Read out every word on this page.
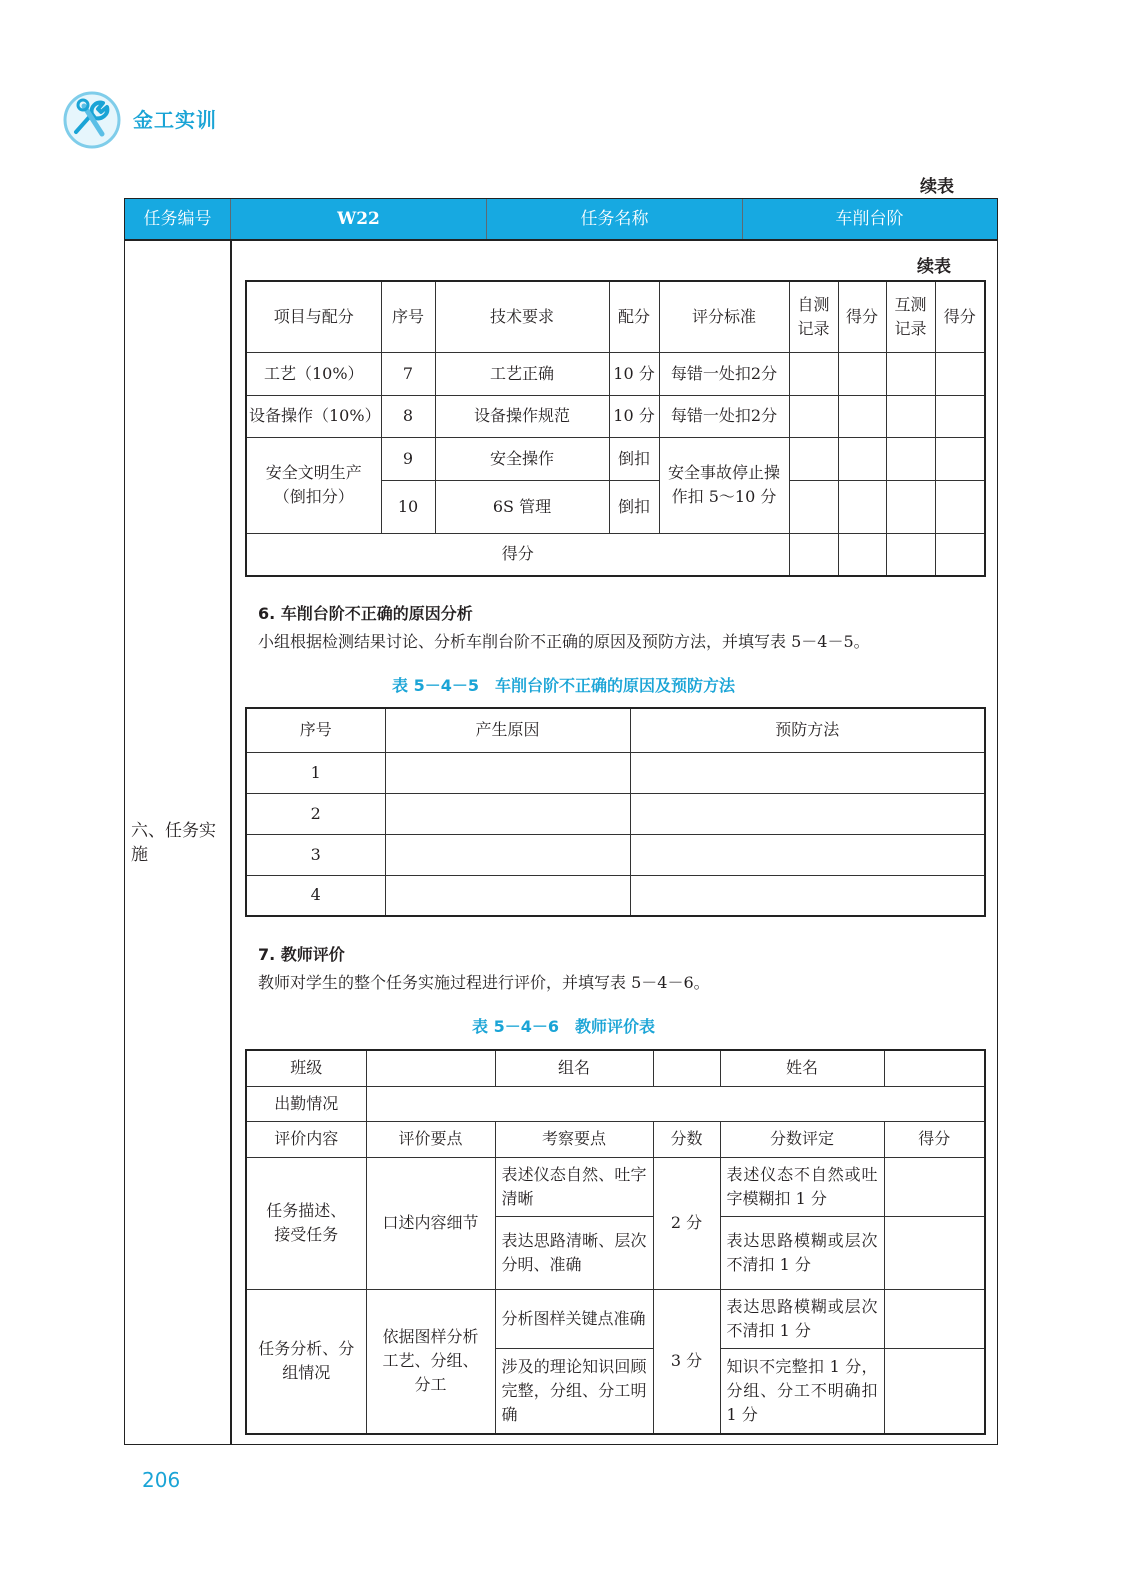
金工实训
续表
任务编号	W22	任务名称	车削台阶
六、任务实施
续表
项目与配分	序号	技术要求	配分	评分标准	自测记录	得分	互测记录	得分
工艺（10%）	7	工艺正确	10 分	每错一处扣2分				
设备操作（10%）	8	设备操作规范	10 分	每错一处扣2分				
安全文明生产（倒扣分）	9	安全操作	倒扣	安全事故停止操作扣 5～10 分				
	10	6S 管理	倒扣					
得分								
6. 车削台阶不正确的原因分析
小组根据检测结果讨论、分析车削台阶不正确的原因及预防方法，并填写表 5－4－5。
表 5－4－5　车削台阶不正确的原因及预防方法
序号	产生原因	预防方法
1		
2		
3		
4		
7. 教师评价
教师对学生的整个任务实施过程进行评价，并填写表 5－4－6。
表 5－4－6　教师评价表
班级		组名		姓名	
出勤情况					
评价内容	评价要点	考察要点	分数	分数评定	得分
任务描述、接受任务	口述内容细节	表述仪态自然、吐字清晰	2 分	表述仪态不自然或吐字模糊扣 1 分	
		表达思路清晰、层次分明、准确		表达思路模糊或层次不清扣 1 分	
任务分析、分组情况	依据图样分析工艺、分组、分工	分析图样关键点准确	3 分	表达思路模糊或层次不清扣 1 分	
		涉及的理论知识回顾完整，分组、分工明确		知识不完整扣 1 分，分组、分工不明确扣 1 分	
206
